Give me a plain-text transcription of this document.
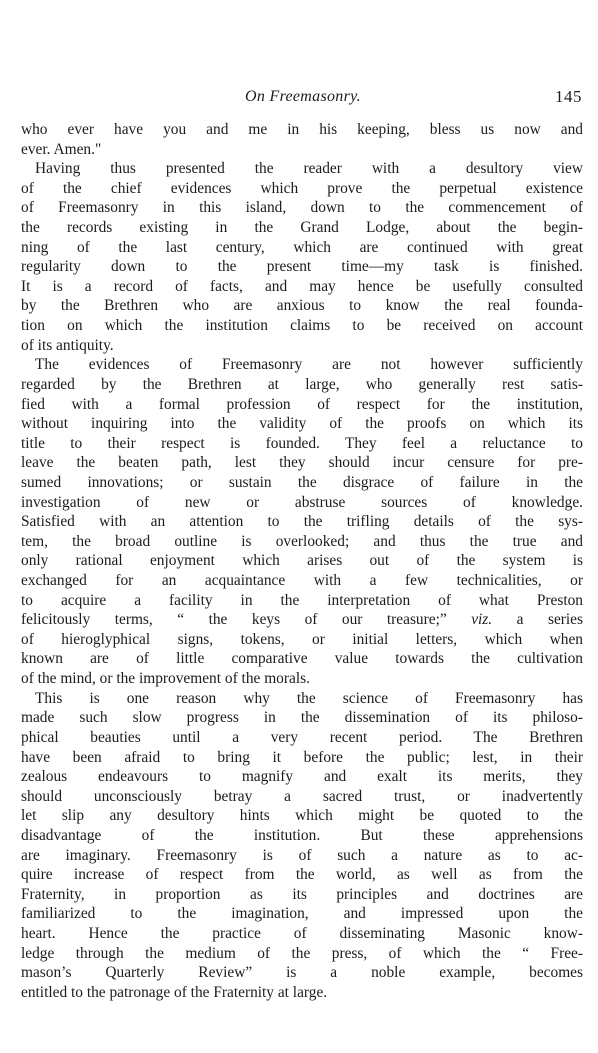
On Freemasonry.	145
who ever have you and me in his keeping, bless us now and
ever. Amen."
Having thus presented the reader with a desultory view
of the chief evidences which prove the perpetual existence
of Freemasonry in this island, down to the commencement of
the records existing in the Grand Lodge, about the begin-
ning of the last century, which are continued with great
regularity down to the present time—my task is finished.
It is a record of facts, and may hence be usefully consulted
by the Brethren who are anxious to know the real founda-
tion on which the institution claims to be received on account
of its antiquity.
The evidences of Freemasonry are not however sufficiently
regarded by the Brethren at large, who generally rest satis-
fied with a formal profession of respect for the institution,
without inquiring into the validity of the proofs on which its
title to their respect is founded. They feel a reluctance to
leave the beaten path, lest they should incur censure for pre-
sumed innovations; or sustain the disgrace of failure in the
investigation of new or abstruse sources of knowledge.
Satisfied with an attention to the trifling details of the sys-
tem, the broad outline is overlooked; and thus the true and
only rational enjoyment which arises out of the system is
exchanged for an acquaintance with a few technicalities, or
to acquire a facility in the interpretation of what Preston
felicitously terms, “ the keys of our treasure;” viz. a series
of hieroglyphical signs, tokens, or initial letters, which when
known are of little comparative value towards the cultivation
of the mind, or the improvement of the morals.
This is one reason why the science of Freemasonry has
made such slow progress in the dissemination of its philoso-
phical beauties until a very recent period. The Brethren
have been afraid to bring it before the public; lest, in their
zealous endeavours to magnify and exalt its merits, they
should unconsciously betray a sacred trust, or inadvertently
let slip any desultory hints which might be quoted to the
disadvantage of the institution. But these apprehensions
are imaginary. Freemasonry is of such a nature as to ac-
quire increase of respect from the world, as well as from the
Fraternity, in proportion as its principles and doctrines are
familiarized to the imagination, and impressed upon the
heart. Hence the practice of disseminating Masonic know-
ledge through the medium of the press, of which the “ Free-
mason’s Quarterly Review” is a noble example, becomes
entitled to the patronage of the Fraternity at large.
